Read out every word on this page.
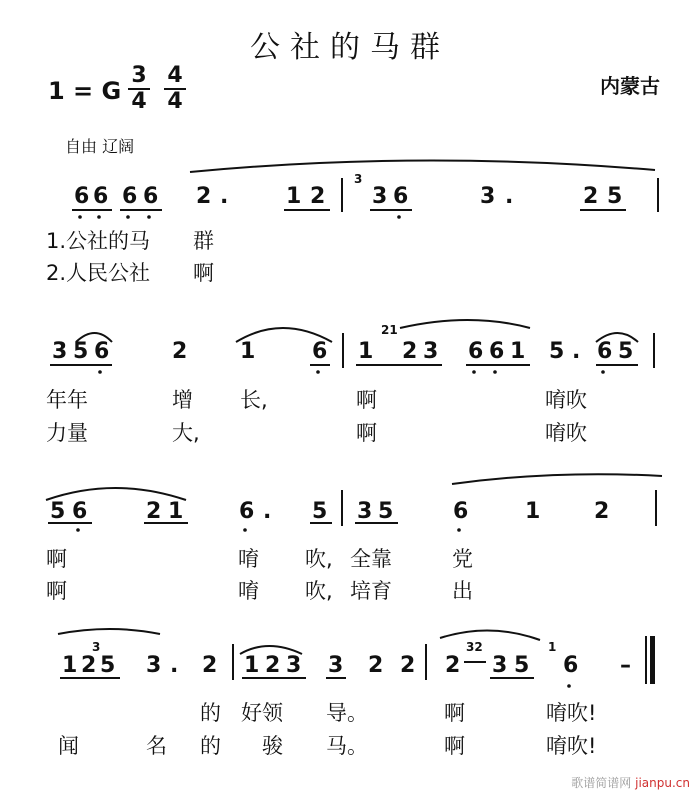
公社的马群
内蒙古
1 = G
3
4
4
4
自由 辽阔
6 6 6 6 2 .	1 2
3
3 6	3 .	2 5
1.公社的马 群
2.人民公社 啊
3 5 6	2 1	6 1
21
2 3 6 6 1 5 . 6 5
年年	增 长,	啊	唷吹
力量	大,	啊	唷吹
5 6	2 1	6 . 5 3 5	6	1 2
啊	唷 吹, 全靠	党
啊	唷 吹, 培育	出
3
1 2 5 3 . 2 1 2 3 3 2 2 2
32
3 5
1
6 –
的 好领 导。	啊	唷吹!
闻	名 的 骏 马。	啊	唷吹!
歌谱简谱网 jianpu.cn
